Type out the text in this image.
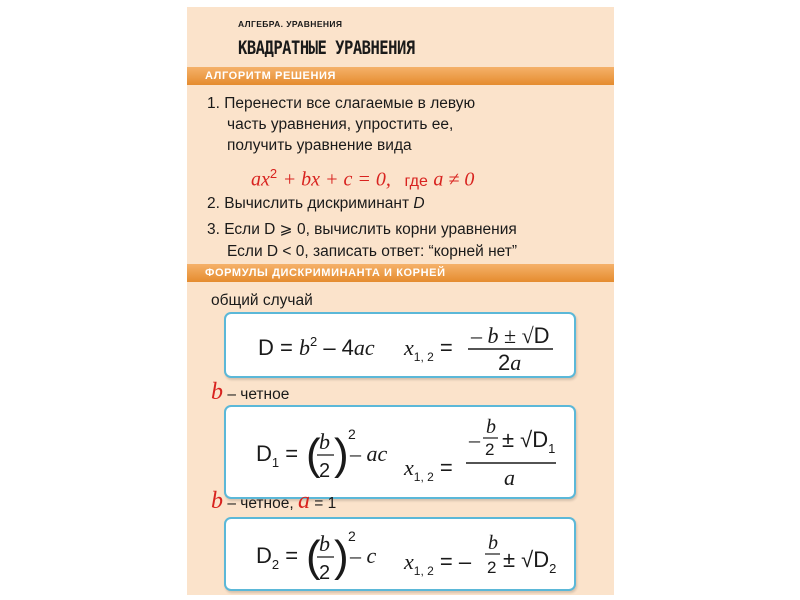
АЛГЕБРА. УРАВНЕНИЯ
КВАДРАТНЫЕ УРАВНЕНИЯ
АЛГОРИТМ РЕШЕНИЯ
1. Перенести все слагаемые в левую
часть уравнения, упростить ее,
получить уравнение вида
$ax^2$ + bx + c = 0, где a ≠ 0
2. Вычислить дискриминант D
3. Если D ⩾ 0, вычислить корни уравнения
Если D < 0, записать ответ: “корней нет”
ФОРМУЛЫ ДИСКРИМИНАНТА И КОРНЕЙ
общий случай
$D = b^2 - 4ac$ $x_{1, 2}$ = – b ± √D
2a
b – четное
$D_1$ = (
b
2 ) 2
– ac
$x_{1, 2}$ =
– b
$2 \pm √D_1$
a
b – четное, a = 1
$D_2$ = (
b
2 ) 2
– c $x_{1, 2}$ = –
b
$2 \pm √D_2$
